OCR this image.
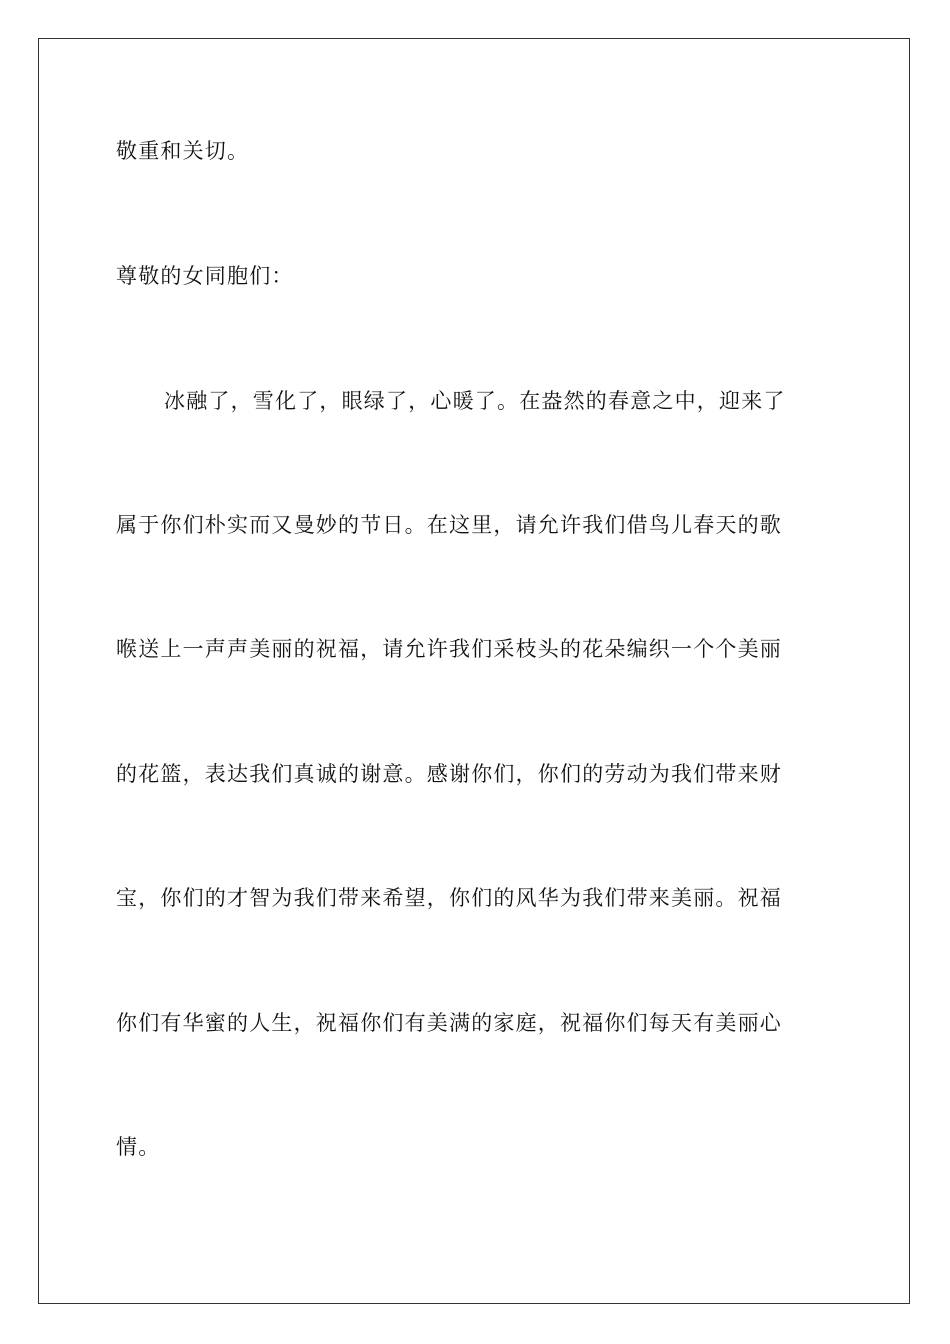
敬重和关切。
尊敬的女同胞们：
冰融了，雪化了，眼绿了，心暖了。在盎然的春意之中，迎来了
属于你们朴实而又曼妙的节日。在这里，请允许我们借鸟儿春天的歌
喉送上一声声美丽的祝福，请允许我们采枝头的花朵编织一个个美丽
的花篮，表达我们真诚的谢意。感谢你们，你们的劳动为我们带来财
宝，你们的才智为我们带来希望，你们的风华为我们带来美丽。祝福
你们有华蜜的人生，祝福你们有美满的家庭，祝福你们每天有美丽心
情。
